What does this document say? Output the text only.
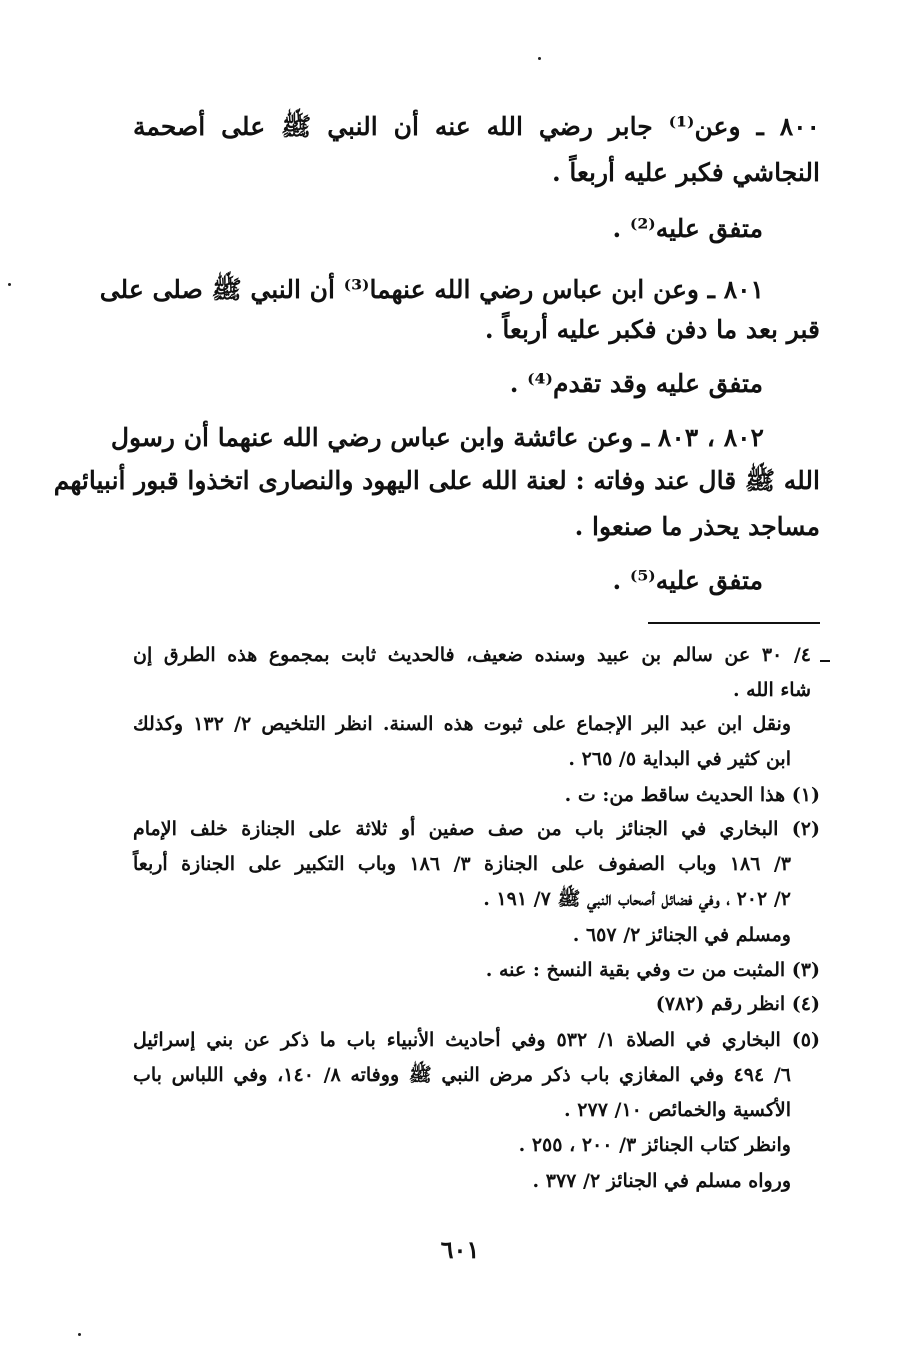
٨٠٠ ـ وعن⁽¹⁾ جابر رضي الله عنه أن النبي ﷺ على أصحمة

النجاشي فكبر عليه أربعاً .

متفق عليه⁽²⁾ .

٨٠١ ـ وعن ابن عباس رضي الله عنهما⁽³⁾ أن النبي ﷺ صلى على

قبر بعد ما دفن فكبر عليه أربعاً .

متفق عليه وقد تقدم⁽⁴⁾ .

٨٠٢ ، ٨٠٣ ـ وعن عائشة وابن عباس رضي الله عنهما أن رسول

الله ﷺ قال عند وفاته : لعنة الله على اليهود والنصارى اتخذوا قبور أنبيائهم

مساجد يحذر ما صنعوا .

متفق عليه⁽⁵⁾ .

٤/ ٣٠ عن سالم بن عبيد وسنده ضعيف، فالحديث ثابت بمجموع هذه الطرق إن

شاء الله .

ونقل ابن عبد البر الإجماع على ثبوت هذه السنة. انظر التلخيص ٢/ ١٣٢ وكذلك

ابن كثير في البداية ٥/ ٢٦٥ .

(١) هذا الحديث ساقط من: ت .

(٢) البخاري في الجنائز باب من صف صفين أو ثلاثة على الجنازة خلف الإمام

٣/ ١٨٦ وباب الصفوف على الجنازة ٣/ ١٨٦ وباب التكبير على الجنازة أربعاً

٢/ ٢٠٢ ، وفي فضائل أصحاب النبي ﷺ ٧/ ١٩١ .

ومسلم في الجنائز ٢/ ٦٥٧ .

(٣) المثبت من ت وفي بقية النسخ : عنه .

(٤) انظر رقم (٧٨٢)

(٥) البخاري في الصلاة ١/ ٥٣٢ وفي أحاديث الأنبياء باب ما ذكر عن بني إسرائيل

٦/ ٤٩٤ وفي المغازي باب ذكر مرض النبي ﷺ ووفاته ٨/ ١٤٠، وفي اللباس باب

الأكسية والخمائص ١٠/ ٢٧٧ .

وانظر كتاب الجنائز ٣/ ٢٠٠ ، ٢٥٥ .

ورواه مسلم في الجنائز ٢/ ٣٧٧ .

٦٠١
